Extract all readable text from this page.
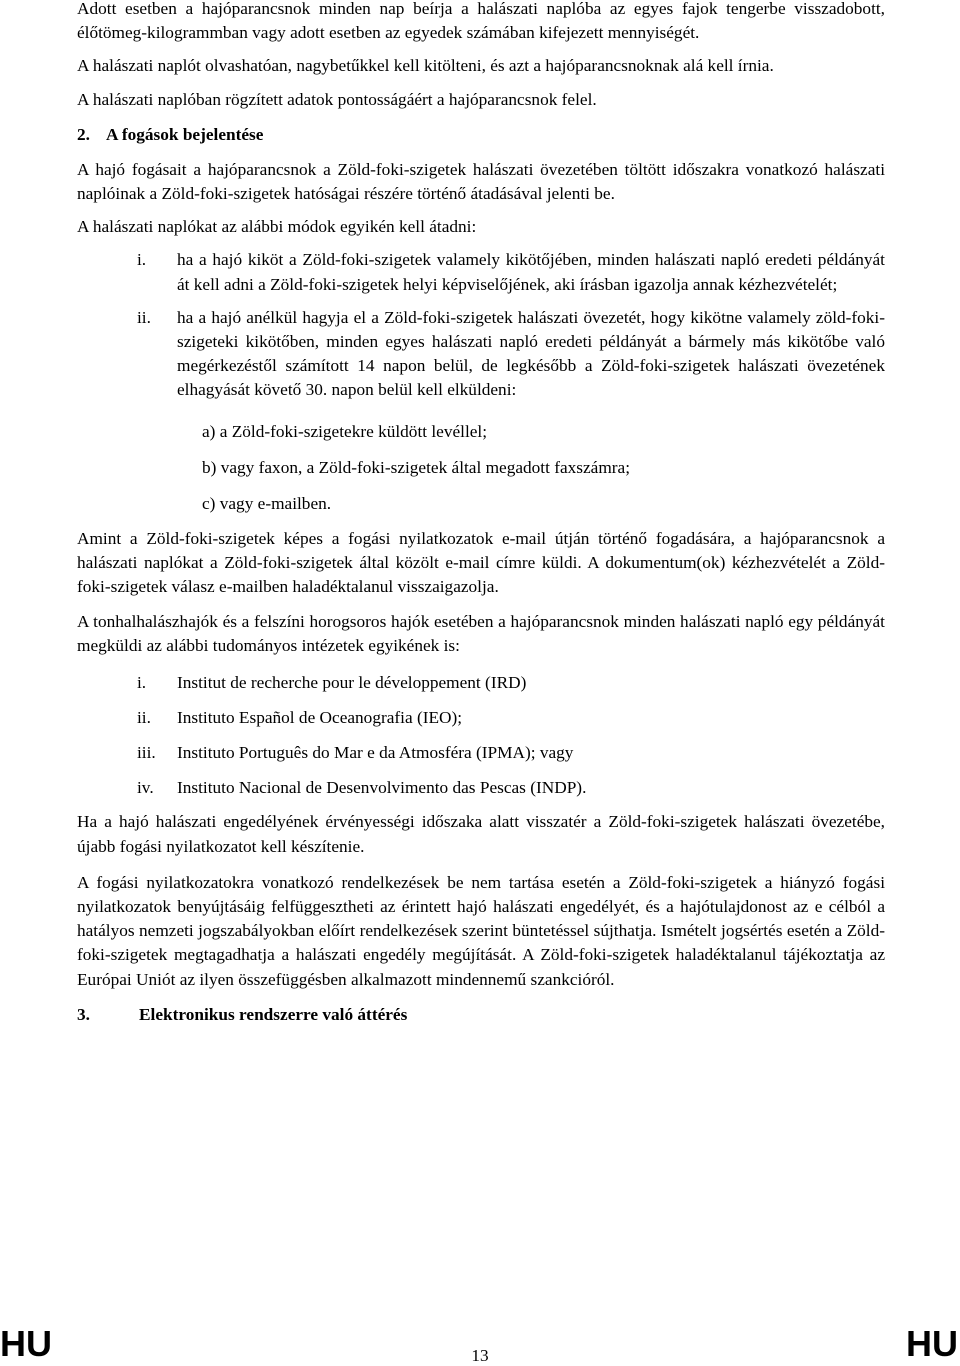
Adott esetben a hajóparancsnok minden nap beírja a halászati naplóba az egyes fajok tengerbe visszadobott, élőtömeg-kilogrammban vagy adott esetben az egyedek számában kifejezett mennyiségét.

A halászati naplót olvashatóan, nagybetűkkel kell kitölteni, és azt a hajóparancsnoknak alá kell írnia.

A halászati naplóban rögzített adatok pontosságáért a hajóparancsnok felel.

2. A fogások bejelentése

A hajó fogásait a hajóparancsnok a Zöld-foki-szigetek halászati övezetében töltött időszakra vonatkozó halászati naplóinak a Zöld-foki-szigetek hatóságai részére történő átadásával jelenti be.

A halászati naplókat az alábbi módok egyikén kell átadni:

i.	ha a hajó kiköt a Zöld-foki-szigetek valamely kikötőjében, minden halászati napló eredeti példányát át kell adni a Zöld-foki-szigetek helyi képviselőjének, aki írásban igazolja annak kézhezvételét;
ii.	ha a hajó anélkül hagyja el a Zöld-foki-szigetek halászati övezetét, hogy kikötne valamely zöld-foki-szigeteki kikötőben, minden egyes halászati napló eredeti példányát a bármely más kikötőbe való megérkezéstől számított 14 napon belül, de legkésőbb a Zöld-foki-szigetek halászati övezetének elhagyását követő 30. napon belül kell elküldeni:
a) a Zöld-foki-szigetekre küldött levéllel;
b) vagy faxon, a Zöld-foki-szigetek által megadott faxszámra;
c) vagy e-mailben.

Amint a Zöld-foki-szigetek képes a fogási nyilatkozatok e-mail útján történő fogadására, a hajóparancsnok a halászati naplókat a Zöld-foki-szigetek által közölt e-mail címre küldi. A dokumentum(ok) kézhezvételét a Zöld-foki-szigetek válasz e-mailben haladéktalanul visszaigazolja.

A tonhalhalászhajók és a felszíni horogsoros hajók esetében a hajóparancsnok minden halászati napló egy példányát megküldi az alábbi tudományos intézetek egyikének is:

i.	Institut de recherche pour le développement (IRD)
ii.	Instituto Español de Oceanografia (IEO);
iii.	Instituto Português do Mar e da Atmosféra (IPMA); vagy
iv.	Instituto Nacional de Desenvolvimento das Pescas (INDP).

Ha a hajó halászati engedélyének érvényességi időszaka alatt visszatér a Zöld-foki-szigetek halászati övezetébe, újabb fogási nyilatkozatot kell készítenie.

A fogási nyilatkozatokra vonatkozó rendelkezések be nem tartása esetén a Zöld-foki-szigetek a hiányzó fogási nyilatkozatok benyújtásáig felfüggesztheti az érintett hajó halászati engedélyét, és a hajótulajdonost az e célból a hatályos nemzeti jogszabályokban előírt rendelkezések szerint büntetéssel sújthatja. Ismételt jogsértés esetén a Zöld-foki-szigetek megtagadhatja a halászati engedély megújítását. A Zöld-foki-szigetek haladéktalanul tájékoztatja az Európai Uniót az ilyen összefüggésben alkalmazott mindennemű szankcióról.

3.	Elektronikus rendszerre való áttérés
HU	13	HU
